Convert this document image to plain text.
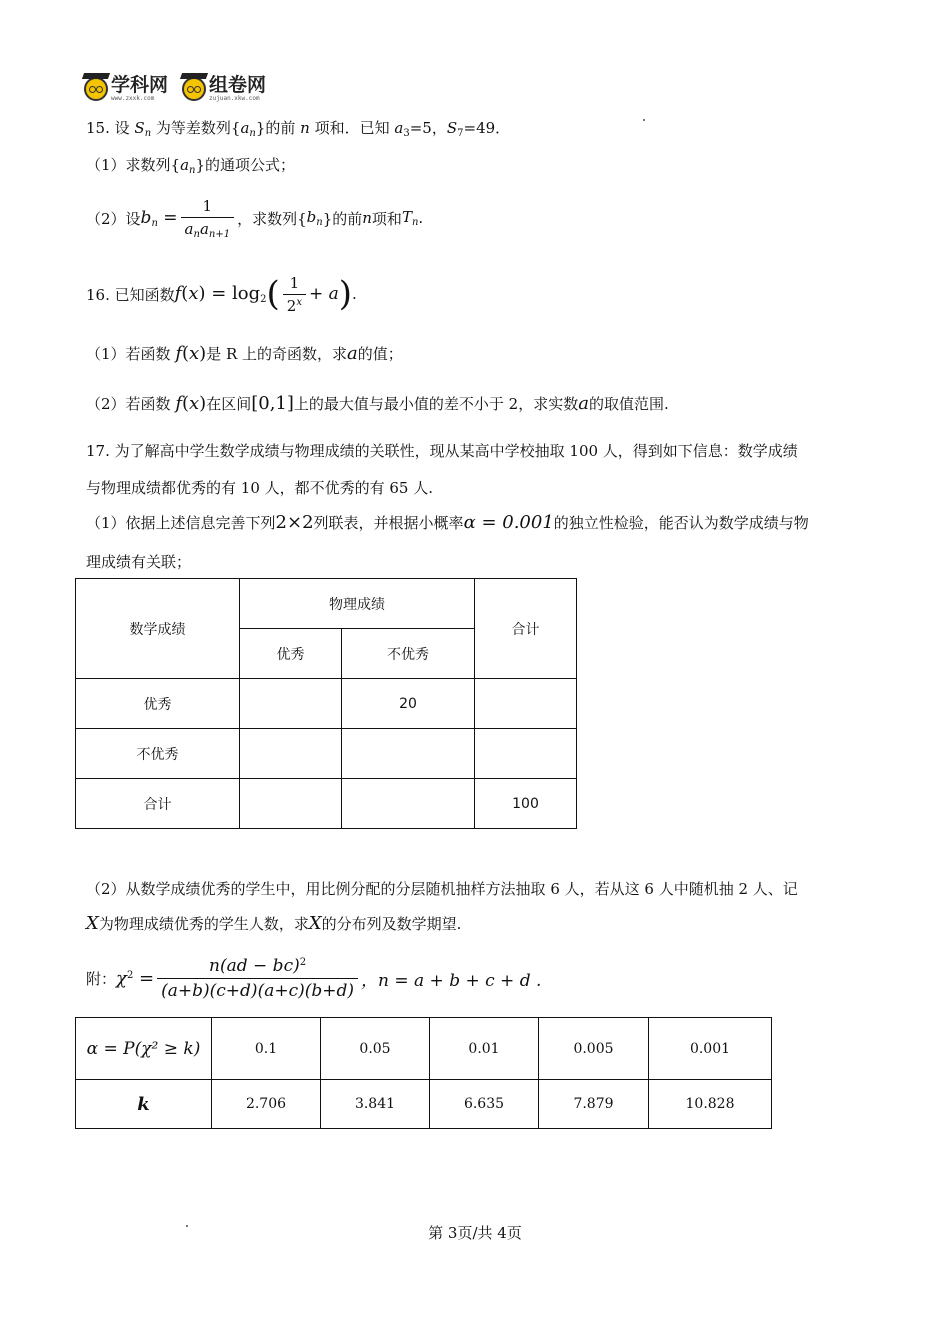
学科网
www.zxxk.com
组卷网
zujuan.xkw.com
15. 设 $S_n$ 为等差数列$\{a_n\}$的前 n 项和．已知 $a_3=5$，$S_7=49$．
（1）求数列$\{a_n\}$的通项公式；
（2）设 $b_n = \frac{1}{a_na_{n+1}}$ ，求数列{ $b_n$ }的前 n 项和 $T_n$ .
16. 已知函数 $f(x) = \log_2$ ( $\frac{1}{2^x} + a$ ) .
（1）若函数 f(x)是 R 上的奇函数，求a的值；
（2）若函数 f(x)在区间[0,1]上的最大值与最小值的差不小于 2，求实数a的取值范围.
17. 为了解高中学生数学成绩与物理成绩的关联性，现从某高中学校抽取 100 人，得到如下信息：数学成绩
与物理成绩都优秀的有 10 人，都不优秀的有 65 人.
（1）依据上述信息完善下列2×2列联表，并根据小概率α = 0.001的独立性检验，能否认为数学成绩与物
理成绩有关联；
数学成绩	物理成绩		合计
	优秀	不优秀	
优秀		20	
不优秀			
合计			100
（2）从数学成绩优秀的学生中，用比例分配的分层随机抽样方法抽取 6 人，若从这 6 人中随机抽 2 人、记
X为物理成绩优秀的学生人数，求X的分布列及数学期望.
附： $\chi^2 = \frac{n(ad - bc)^2}{(a+b)(c+d)(a+c)(b+d)}$ ，n = a + b + c + d .
α = P(χ² ≥ k)	0.1	0.05	0.01	0.005	0.001
k	2.706	3.841	6.635	7.879	10.828
第 3页/共 4页
